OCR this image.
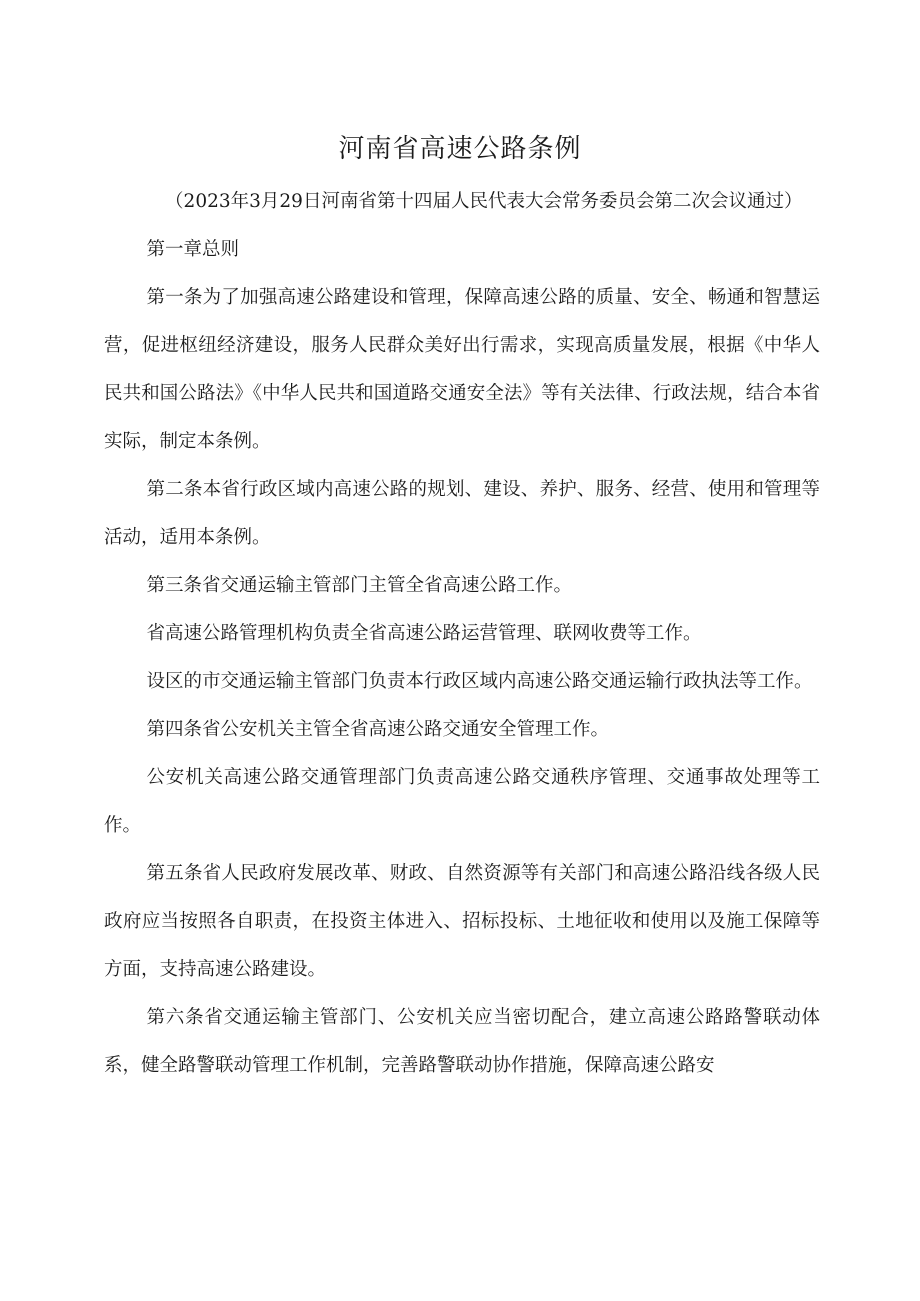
河南省高速公路条例

（2023年3月29日河南省第十四届人民代表大会常务委员会第二次会议通过）

第一章总则

第一条为了加强高速公路建设和管理，保障高速公路的质量、安全、畅通和智慧运营，促进枢纽经济建设，服务人民群众美好出行需求，实现高质量发展，根据《中华人民共和国公路法》《中华人民共和国道路交通安全法》等有关法律、行政法规，结合本省实际，制定本条例。

第二条本省行政区域内高速公路的规划、建设、养护、服务、经营、使用和管理等活动，适用本条例。

第三条省交通运输主管部门主管全省高速公路工作。

省高速公路管理机构负责全省高速公路运营管理、联网收费等工作。

设区的市交通运输主管部门负责本行政区域内高速公路交通运输行政执法等工作。

第四条省公安机关主管全省高速公路交通安全管理工作。

公安机关高速公路交通管理部门负责高速公路交通秩序管理、交通事故处理等工作。

第五条省人民政府发展改革、财政、自然资源等有关部门和高速公路沿线各级人民政府应当按照各自职责，在投资主体进入、招标投标、土地征收和使用以及施工保障等方面，支持高速公路建设。

第六条省交通运输主管部门、公安机关应当密切配合，建立高速公路路警联动体系，健全路警联动管理工作机制，完善路警联动协作措施，保障高速公路安
